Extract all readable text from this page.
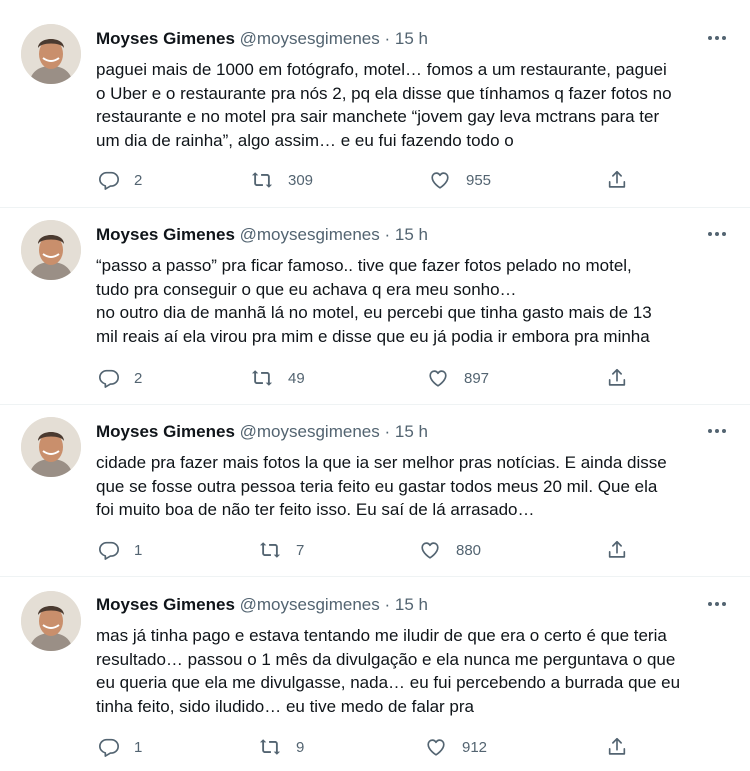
Moyses Gimenes @moysesgimenes · 15 h
paguei mais de 1000 em fotógrafo, motel… fomos a um restaurante, paguei
o Uber e o restaurante pra nós 2, pq ela disse que tínhamos q fazer fotos no
restaurante e no motel pra sair manchete “jovem gay leva mctrans para ter
um dia de rainha”, algo assim… e eu fui fazendo todo o
2	309	955
Moyses Gimenes @moysesgimenes · 15 h
“passo a passo” pra ficar famoso.. tive que fazer fotos pelado no motel,
tudo pra conseguir o que eu achava q era meu sonho…
no outro dia de manhã lá no motel, eu percebi que tinha gasto mais de 13
mil reais aí ela virou pra mim e disse que eu já podia ir embora pra minha
2	49	897
Moyses Gimenes @moysesgimenes · 15 h
cidade pra fazer mais fotos la que ia ser melhor pras notícias. E ainda disse
que se fosse outra pessoa teria feito eu gastar todos meus 20 mil. Que ela
foi muito boa de não ter feito isso. Eu saí de lá arrasado…
1	7	880
Moyses Gimenes @moysesgimenes · 15 h
mas já tinha pago e estava tentando me iludir de que era o certo é que teria
resultado… passou o 1 mês da divulgação e ela nunca me perguntava o que
eu queria que ela me divulgasse, nada… eu fui percebendo a burrada que eu
tinha feito, sido iludido… eu tive medo de falar pra
1	9	912
